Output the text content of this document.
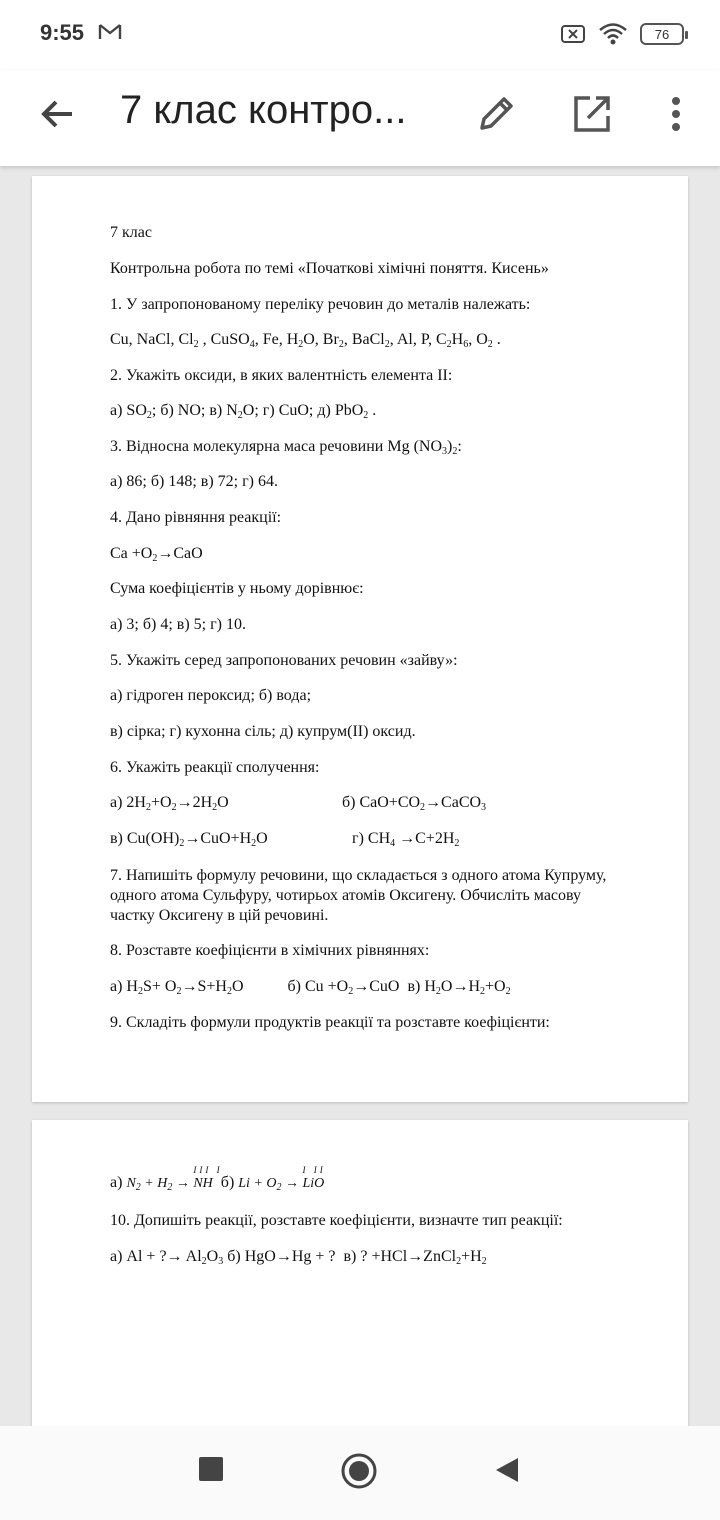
9:55	76
7 клас контро...

7 клас

Контрольна робота по темі «Початкові хімічні поняття. Кисень»

1. У запропонованому переліку речовин до металів належать:

Cu, NaCl, $Cl_2$ , CuSO$_4$, Fe, $H_2O$, $Br_2$, BaCl$_2$, Al, P, $C_2H_6$, $O_2$ .

2. Укажіть оксиди, в яких валентність елемента ІІ:

а) $SO_2$; б) NO; в) $N_2O$; г) CuO; д) PbO$_2$ .

3. Відносна молекулярна маса речовини Mg $(NO_3)_2$:

а) 86; б) 148; в) 72; г) 64.

4. Дано рівняння реакції:

$Ca +O_2\to CaO$

Сума коефіцієнтів у ньому дорівнює:

а) 3; б) 4; в) 5; г) 10.

5. Укажіть серед запропонованих речовин «зайву»:

а) гідроген пероксид; б) вода;

в) сірка; г) кухонна сіль; д) купрум(ІІ) оксид.

6. Укажіть реакції сполучення:

а) $2H_2+O_2\to 2H_2O$	б) $CaO+CO_2\to CaCO_3$

в) $Cu(OH)_2\to CuO+H_2O$	г) $CH_4 \to C+2H_2$

7. Напишіть формулу речовини, що складається з одного атома Купруму, одного атома Сульфуру, чотирьох атомів Оксигену. Обчисліть масову частку Оксигену в цій речовині.

8. Розставте коефіцієнти в хімічних рівняннях:

а) $H_2S+ O_2\to S+H_2O$           б) $Cu +O_2\to CuO$  в) $H_2O\to H_2+O_2$

9. Складіть формули продуктів реакції та розставте коефіцієнти:

а) $N_2 + H_2$ →
III I
NH  б) $Li + O_2$ →
I II
LiO

10. Допишіть реакції, розставте коефіцієнти, визначте тип реакції:

а) Al + ?→ $Al_2O_3$ б) HgO→Hg + ?  в) ? $+HCl\to ZnCl_2+H_2$
